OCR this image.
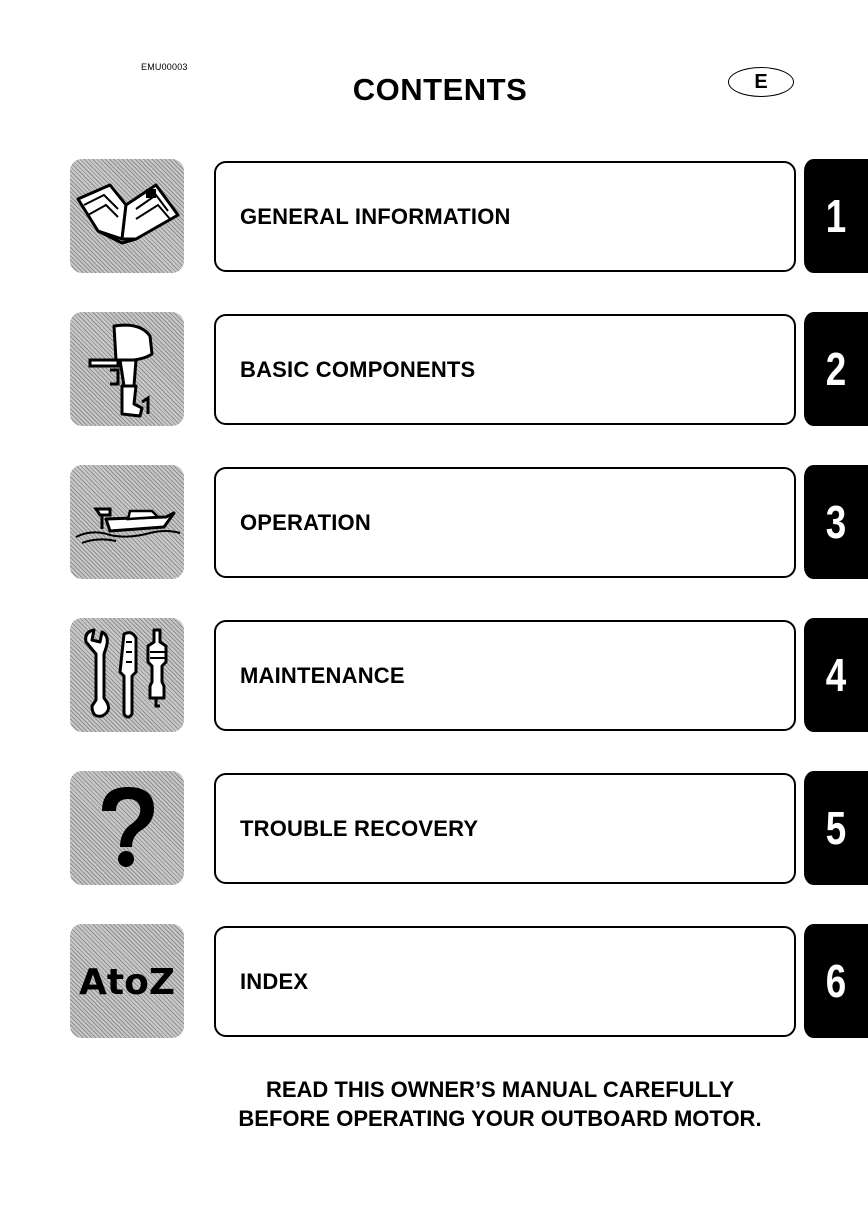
EMU00003
CONTENTS	E
GENERAL INFORMATION	1
BASIC COMPONENTS	2
OPERATION	3
MAINTENANCE	4
TROUBLE RECOVERY	5
AtoZ	INDEX	6
READ THIS OWNER’S MANUAL CAREFULLY
BEFORE OPERATING YOUR OUTBOARD MOTOR.
